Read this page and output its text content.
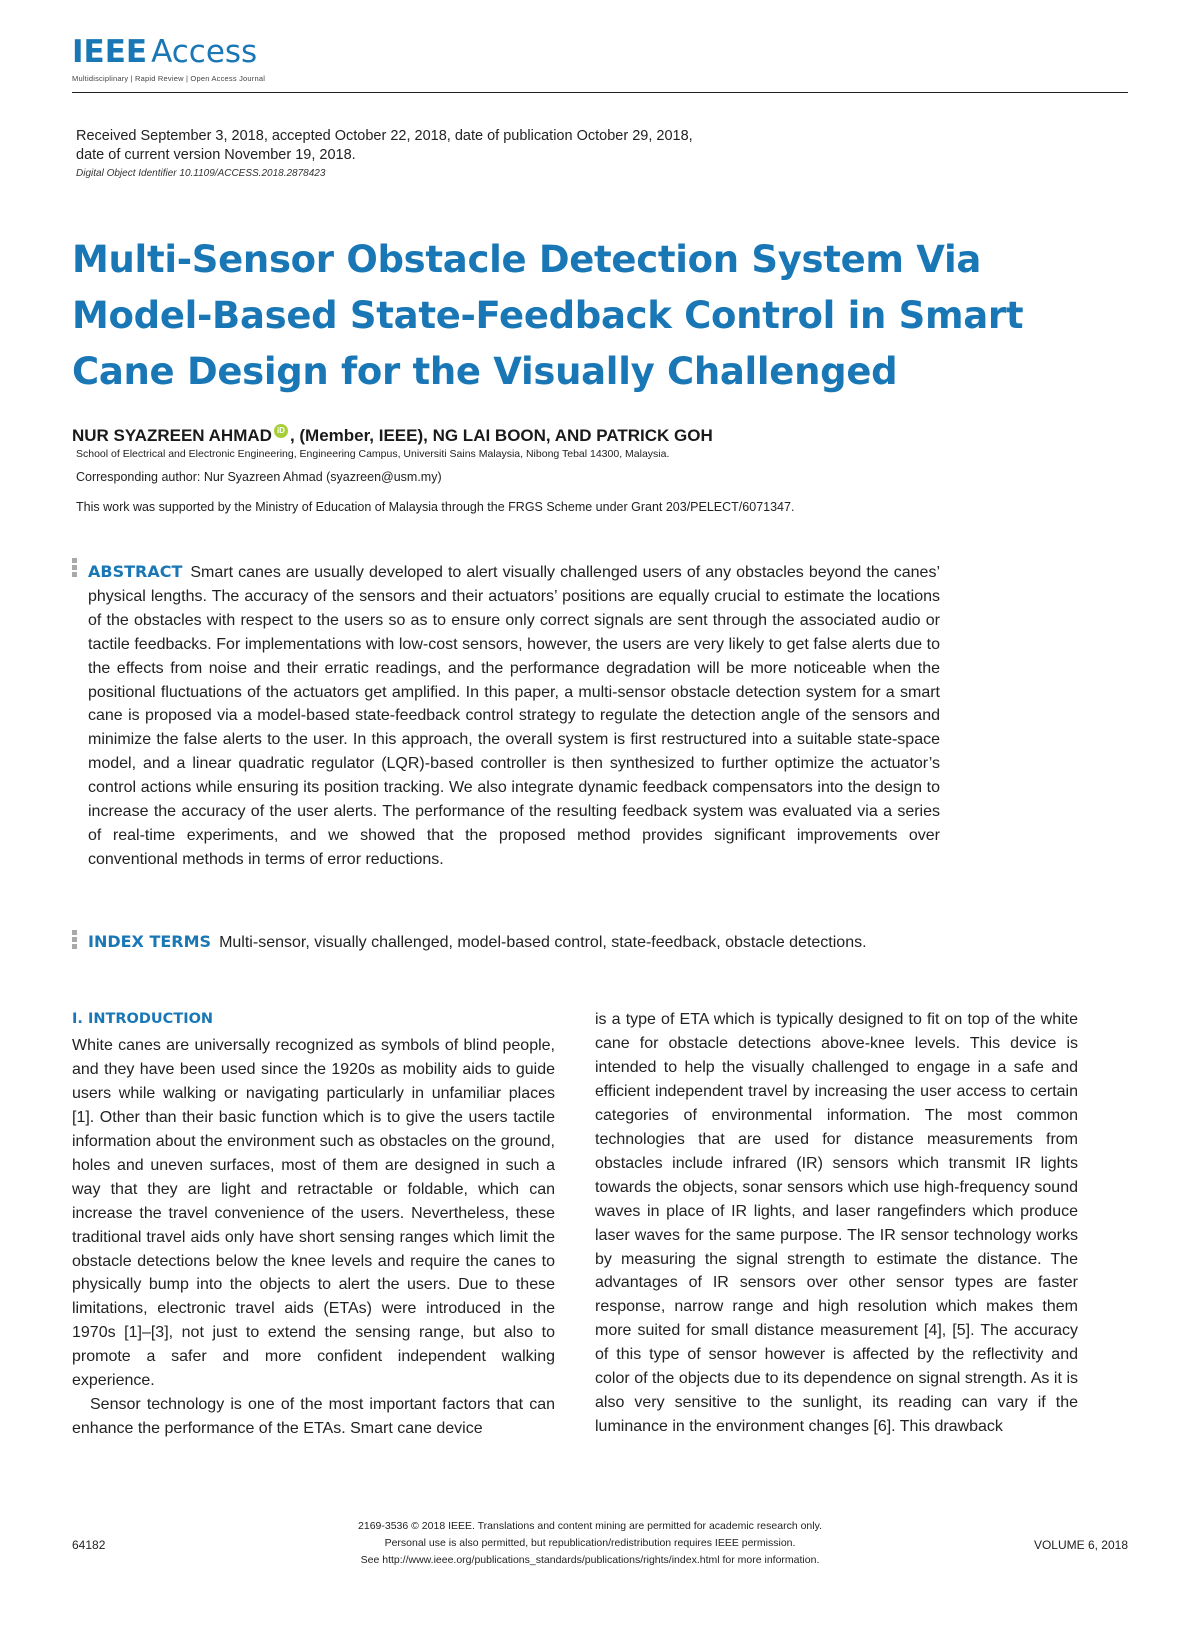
IEEE Access
Multidisciplinary | Rapid Review | Open Access Journal
Received September 3, 2018, accepted October 22, 2018, date of publication October 29, 2018,
date of current version November 19, 2018.
Digital Object Identifier 10.1109/ACCESS.2018.2878423
Multi-Sensor Obstacle Detection System Via
Model-Based State-Feedback Control in Smart
Cane Design for the Visually Challenged
NUR SYAZREEN AHMAD iD , (Member, IEEE), NG LAI BOON, AND PATRICK GOH
School of Electrical and Electronic Engineering, Engineering Campus, Universiti Sains Malaysia, Nibong Tebal 14300, Malaysia.
Corresponding author: Nur Syazreen Ahmad (syazreen@usm.my)
This work was supported by the Ministry of Education of Malaysia through the FRGS Scheme under Grant 203/PELECT/6071347.
ABSTRACT Smart canes are usually developed to alert visually challenged users of any obstacles beyond the canes’ physical lengths. The accuracy of the sensors and their actuators’ positions are equally crucial to estimate the locations of the obstacles with respect to the users so as to ensure only correct signals are sent through the associated audio or tactile feedbacks. For implementations with low-cost sensors, however, the users are very likely to get false alerts due to the effects from noise and their erratic readings, and the performance degradation will be more noticeable when the positional fluctuations of the actuators get amplified. In this paper, a multi-sensor obstacle detection system for a smart cane is proposed via a model-based state-feedback control strategy to regulate the detection angle of the sensors and minimize the false alerts to the user. In this approach, the overall system is first restructured into a suitable state-space model, and a linear quadratic regulator (LQR)-based controller is then synthesized to further optimize the actuator’s control actions while ensuring its position tracking. We also integrate dynamic feedback compensators into the design to increase the accuracy of the user alerts. The performance of the resulting feedback system was evaluated via a series of real-time experiments, and we showed that the proposed method provides significant improvements over conventional methods in terms of error reductions.
INDEX TERMS Multi-sensor, visually challenged, model-based control, state-feedback, obstacle detections.
I. INTRODUCTION

White canes are universally recognized as symbols of blind people, and they have been used since the 1920s as mobility aids to guide users while walking or navigating particularly in unfamiliar places [1]. Other than their basic function which is to give the users tactile information about the environment such as obstacles on the ground, holes and uneven surfaces, most of them are designed in such a way that they are light and retractable or foldable, which can increase the travel convenience of the users. Nevertheless, these traditional travel aids only have short sensing ranges which limit the obstacle detections below the knee levels and require the canes to physically bump into the objects to alert the users. Due to these limitations, electronic travel aids (ETAs) were introduced in the 1970s [1]–[3], not just to extend the sensing range, but also to promote a safer and more confident independent walking experience.

Sensor technology is one of the most important factors that can enhance the performance of the ETAs. Smart cane device

is a type of ETA which is typically designed to fit on top of the white cane for obstacle detections above-knee levels. This device is intended to help the visually challenged to engage in a safe and efficient independent travel by increasing the user access to certain categories of environmental information. The most common technologies that are used for distance measurements from obstacles include infrared (IR) sensors which transmit IR lights towards the objects, sonar sensors which use high-frequency sound waves in place of IR lights, and laser rangefinders which produce laser waves for the same purpose. The IR sensor technology works by measuring the signal strength to estimate the distance. The advantages of IR sensors over other sensor types are faster response, narrow range and high resolution which makes them more suited for small distance measurement [4], [5]. The accuracy of this type of sensor however is affected by the reflectivity and color of the objects due to its dependence on signal strength. As it is also very sensitive to the sunlight, its reading can vary if the luminance in the environment changes [6]. This drawback

64182
2169-3536 © 2018 IEEE. Translations and content mining are permitted for academic research only.
Personal use is also permitted, but republication/redistribution requires IEEE permission.
See http://www.ieee.org/publications_standards/publications/rights/index.html for more information.
VOLUME 6, 2018
